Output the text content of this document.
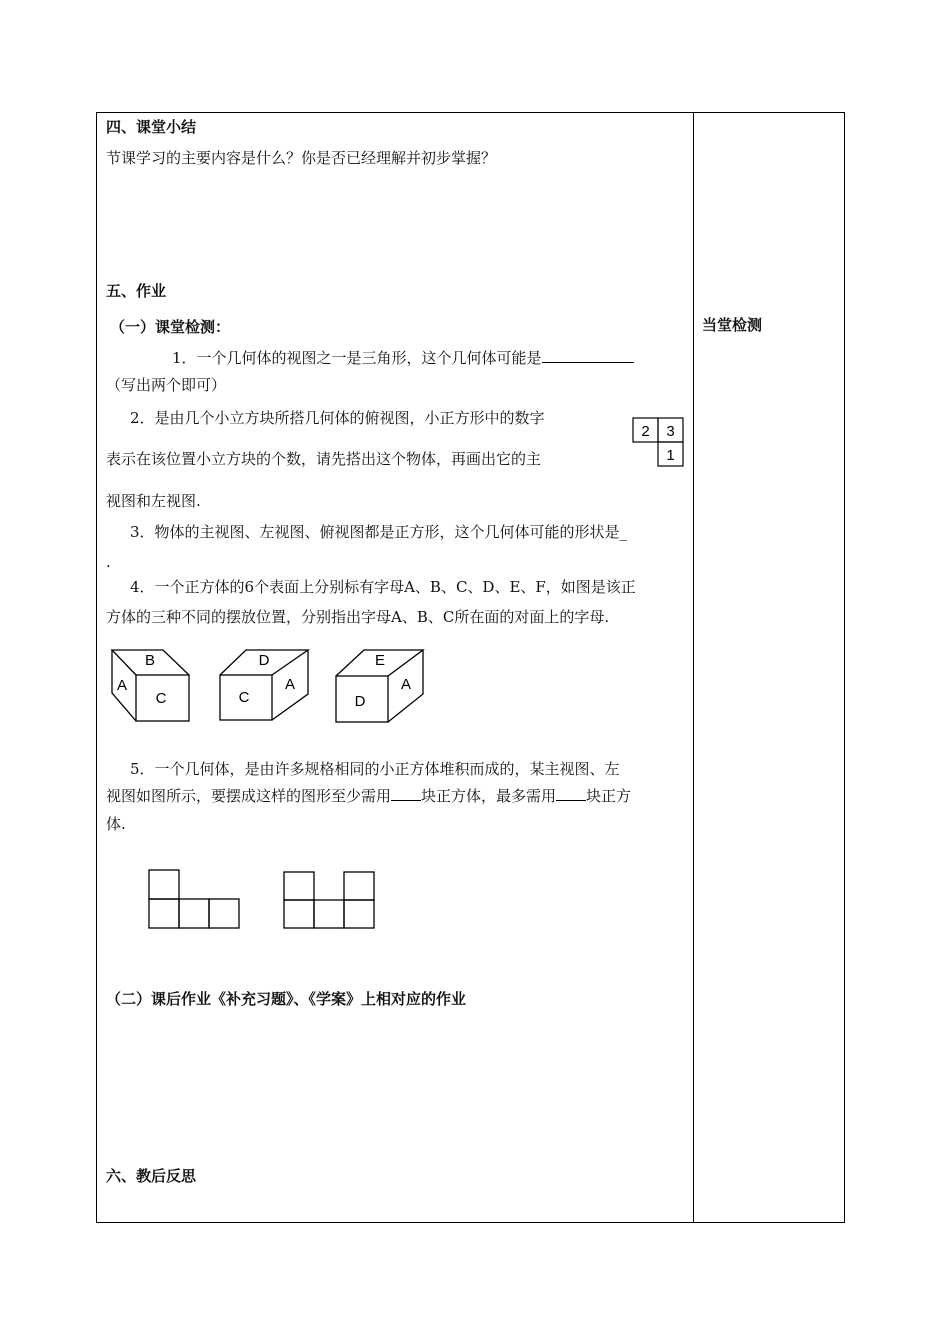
四、课堂小结
节课学习的主要内容是什么？你是否已经理解并初步掌握？
五、作业
（一）课堂检测：
1．一个几何体的视图之一是三角形，这个几何体可能是
（写出两个即可）
2．是由几个小立方块所搭几何体的俯视图，小正方形中的数字
表示在该位置小立方块的个数，请先搭出这个物体，再画出它的主
视图和左视图.
2 3
1
3．物体的主视图、左视图、俯视图都是正方形，这个几何体可能的形状是_
.
4．一个正方体的6个表面上分别标有字母A、B、C、D、E、F，如图是该正
方体的三种不同的摆放位置，分别指出字母A、B、C所在面的对面上的字母.
B
C
A
D
C
A
E
D
A
5．一个几何体，是由许多规格相同的小正方体堆积而成的，某主视图、左
视图如图所示，要摆成这样的图形至少需用 块正方体，最多需用 块正方
体.
（二）课后作业《补充习题》、《学案》上相对应的作业
六、教后反思
当堂检测
